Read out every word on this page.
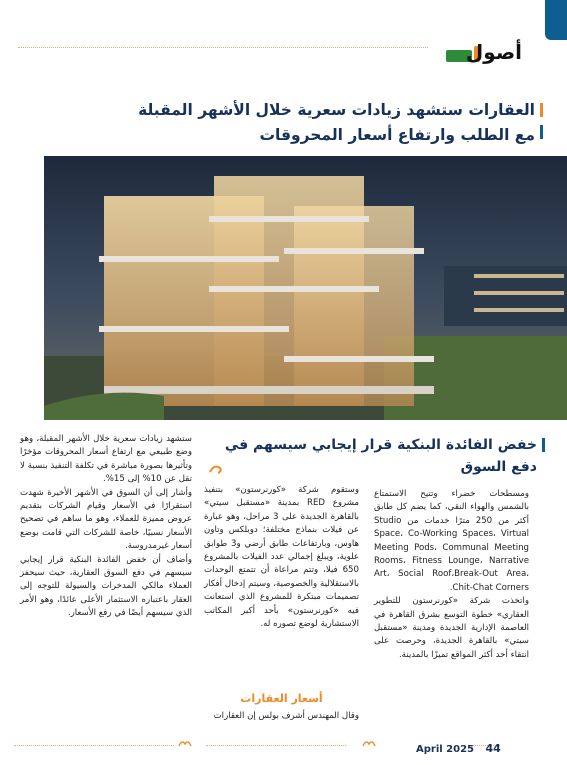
أصول
العقارات ستشهد زيادات سعرية خلال الأشهر المقبلة
مع الطلب وارتفاع أسعار المحروقات
خفض الفائدة البنكية قرار إيجابي سيسهم في دفع السوق

ستشهد زيادات سعرية خلال الأشهر المقبلة، وهو وضع طبيعي مع ارتفاع أسعار المحروقات مؤخرًا وتأثيرها بصورة مباشرة في تكلفة التنفيذ بنسبة لا تقل عن 10% إلى 15%.

وأشار إلى أن السوق في الأشهر الأخيرة شهدت استقرارًا في الأسعار وقيام الشركات بتقديم عروض مميزة للعملاء، وهو ما ساهم في تصحيح الأسعار نسبيًا، خاصة للشركات التي قامت بوضع أسعار غيرمدروسة.

وأضاف أن خفض الفائدة البنكية قرار إيجابي سيسهم في دفع السوق العقارية، حيث سيحفز العملاء مالكي المدخرات والسيولة للتوجه إلى العقار باعتباره الاستثمار الأعلى عائدًا، وهو الأمر الذي سيسهم أيضًا في رفع الأسعار.

وستقوم شركة «كورنرستون» بتنفيذ مشروع RED بمدينة «مستقبل سيتي» بالقاهرة الجديدة على 3 مراحل، وهو عبارة عن فيلات بنماذج مختلفة؛ دوبلكس وتاون هاوس، وبارتفاعات طابق أرضي و3 طوابق علوية، ويبلغ إجمالي عدد الفيلات بالمشروع 650 فيلا، وتتم مراعاة أن تتمتع الوحدات بالاستقلالية والخصوصية، وسيتم إدخال أفكار تصميمات مبتكرة للمشروع الذي استعانت فيه «كورنرستون» بأحد أكبر المكاتب الاستشارية لوضع تصوره له.

أسعار العقارات

وقال المهندس أشرف بولس إن العقارات

ومسطحات خضراء وتتيح الاستمتاع بالشمس والهواء النقي، كما يضم كل طابق أكثر من 250 مترًا خدمات من Studio Space، Co-Working Spaces، Virtual Meeting Pods، Communal Meeting Rooms، Fitness Lounge، Narrative Art، Social Roof،Break-Out Area، Chit-Chat Corners.

واتخذت شركة «كورنرستون للتطوير العقاري» خطوة التوسع بشرق القاهرة في العاصمة الإدارية الجديدة ومدينة «مستقبل سيتي» بالقاهرة الجديدة، وحرصت على انتقاء أحد أكثر المواقع تميزًا بالمدينة.

April 2025 44
